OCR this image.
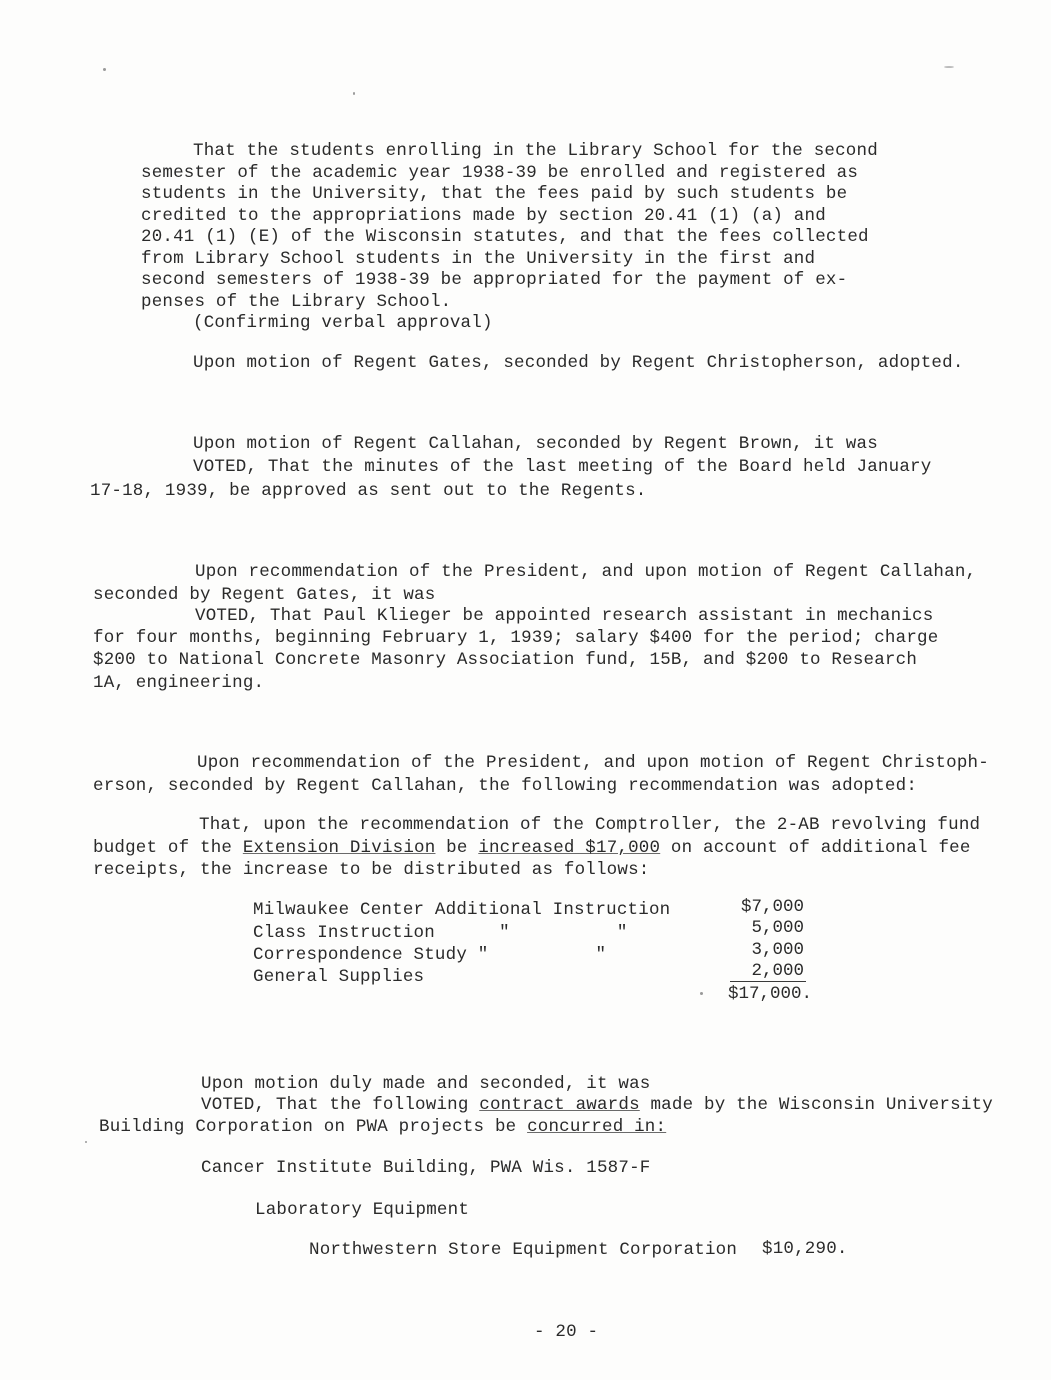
That the students enrolling in the Library School for the second
semester of the academic year 1938-39 be enrolled and registered as
students in the University, that the fees paid by such students be
credited to the appropriations made by section 20.41 (1) (a) and
20.41 (1) (E) of the Wisconsin statutes, and that the fees collected
from Library School students in the University in the first and
second semesters of 1938-39 be appropriated for the payment of ex-
penses of the Library School.
(Confirming verbal approval)
Upon motion of Regent Gates, seconded by Regent Christopherson, adopted.
Upon motion of Regent Callahan, seconded by Regent Brown, it was
VOTED, That the minutes of the last meeting of the Board held January
17-18, 1939, be approved as sent out to the Regents.
Upon recommendation of the President, and upon motion of Regent Callahan,
seconded by Regent Gates, it was
VOTED, That Paul Klieger be appointed research assistant in mechanics
for four months, beginning February 1, 1939; salary $400 for the period; charge
$200 to National Concrete Masonry Association fund, 15B, and $200 to Research
1A, engineering.
Upon recommendation of the President, and upon motion of Regent Christoph-
erson, seconded by Regent Callahan, the following recommendation was adopted:
That, upon the recommendation of the Comptroller, the 2-AB revolving fund
budget of the Extension Division be increased $17,000 on account of additional fee
receipts, the increase to be distributed as follows:
Milwaukee Center Additional Instruction	$7,000
Class Instruction      "          "	5,000
Correspondence Study "          "	3,000
General Supplies	2,000
$17,000.
Upon motion duly made and seconded, it was
VOTED, That the following contract awards made by the Wisconsin University
Building Corporation on PWA projects be concurred in:
Cancer Institute Building, PWA Wis. 1587-F
Laboratory Equipment
Northwestern Store Equipment Corporation $10,290.
- 20 -
